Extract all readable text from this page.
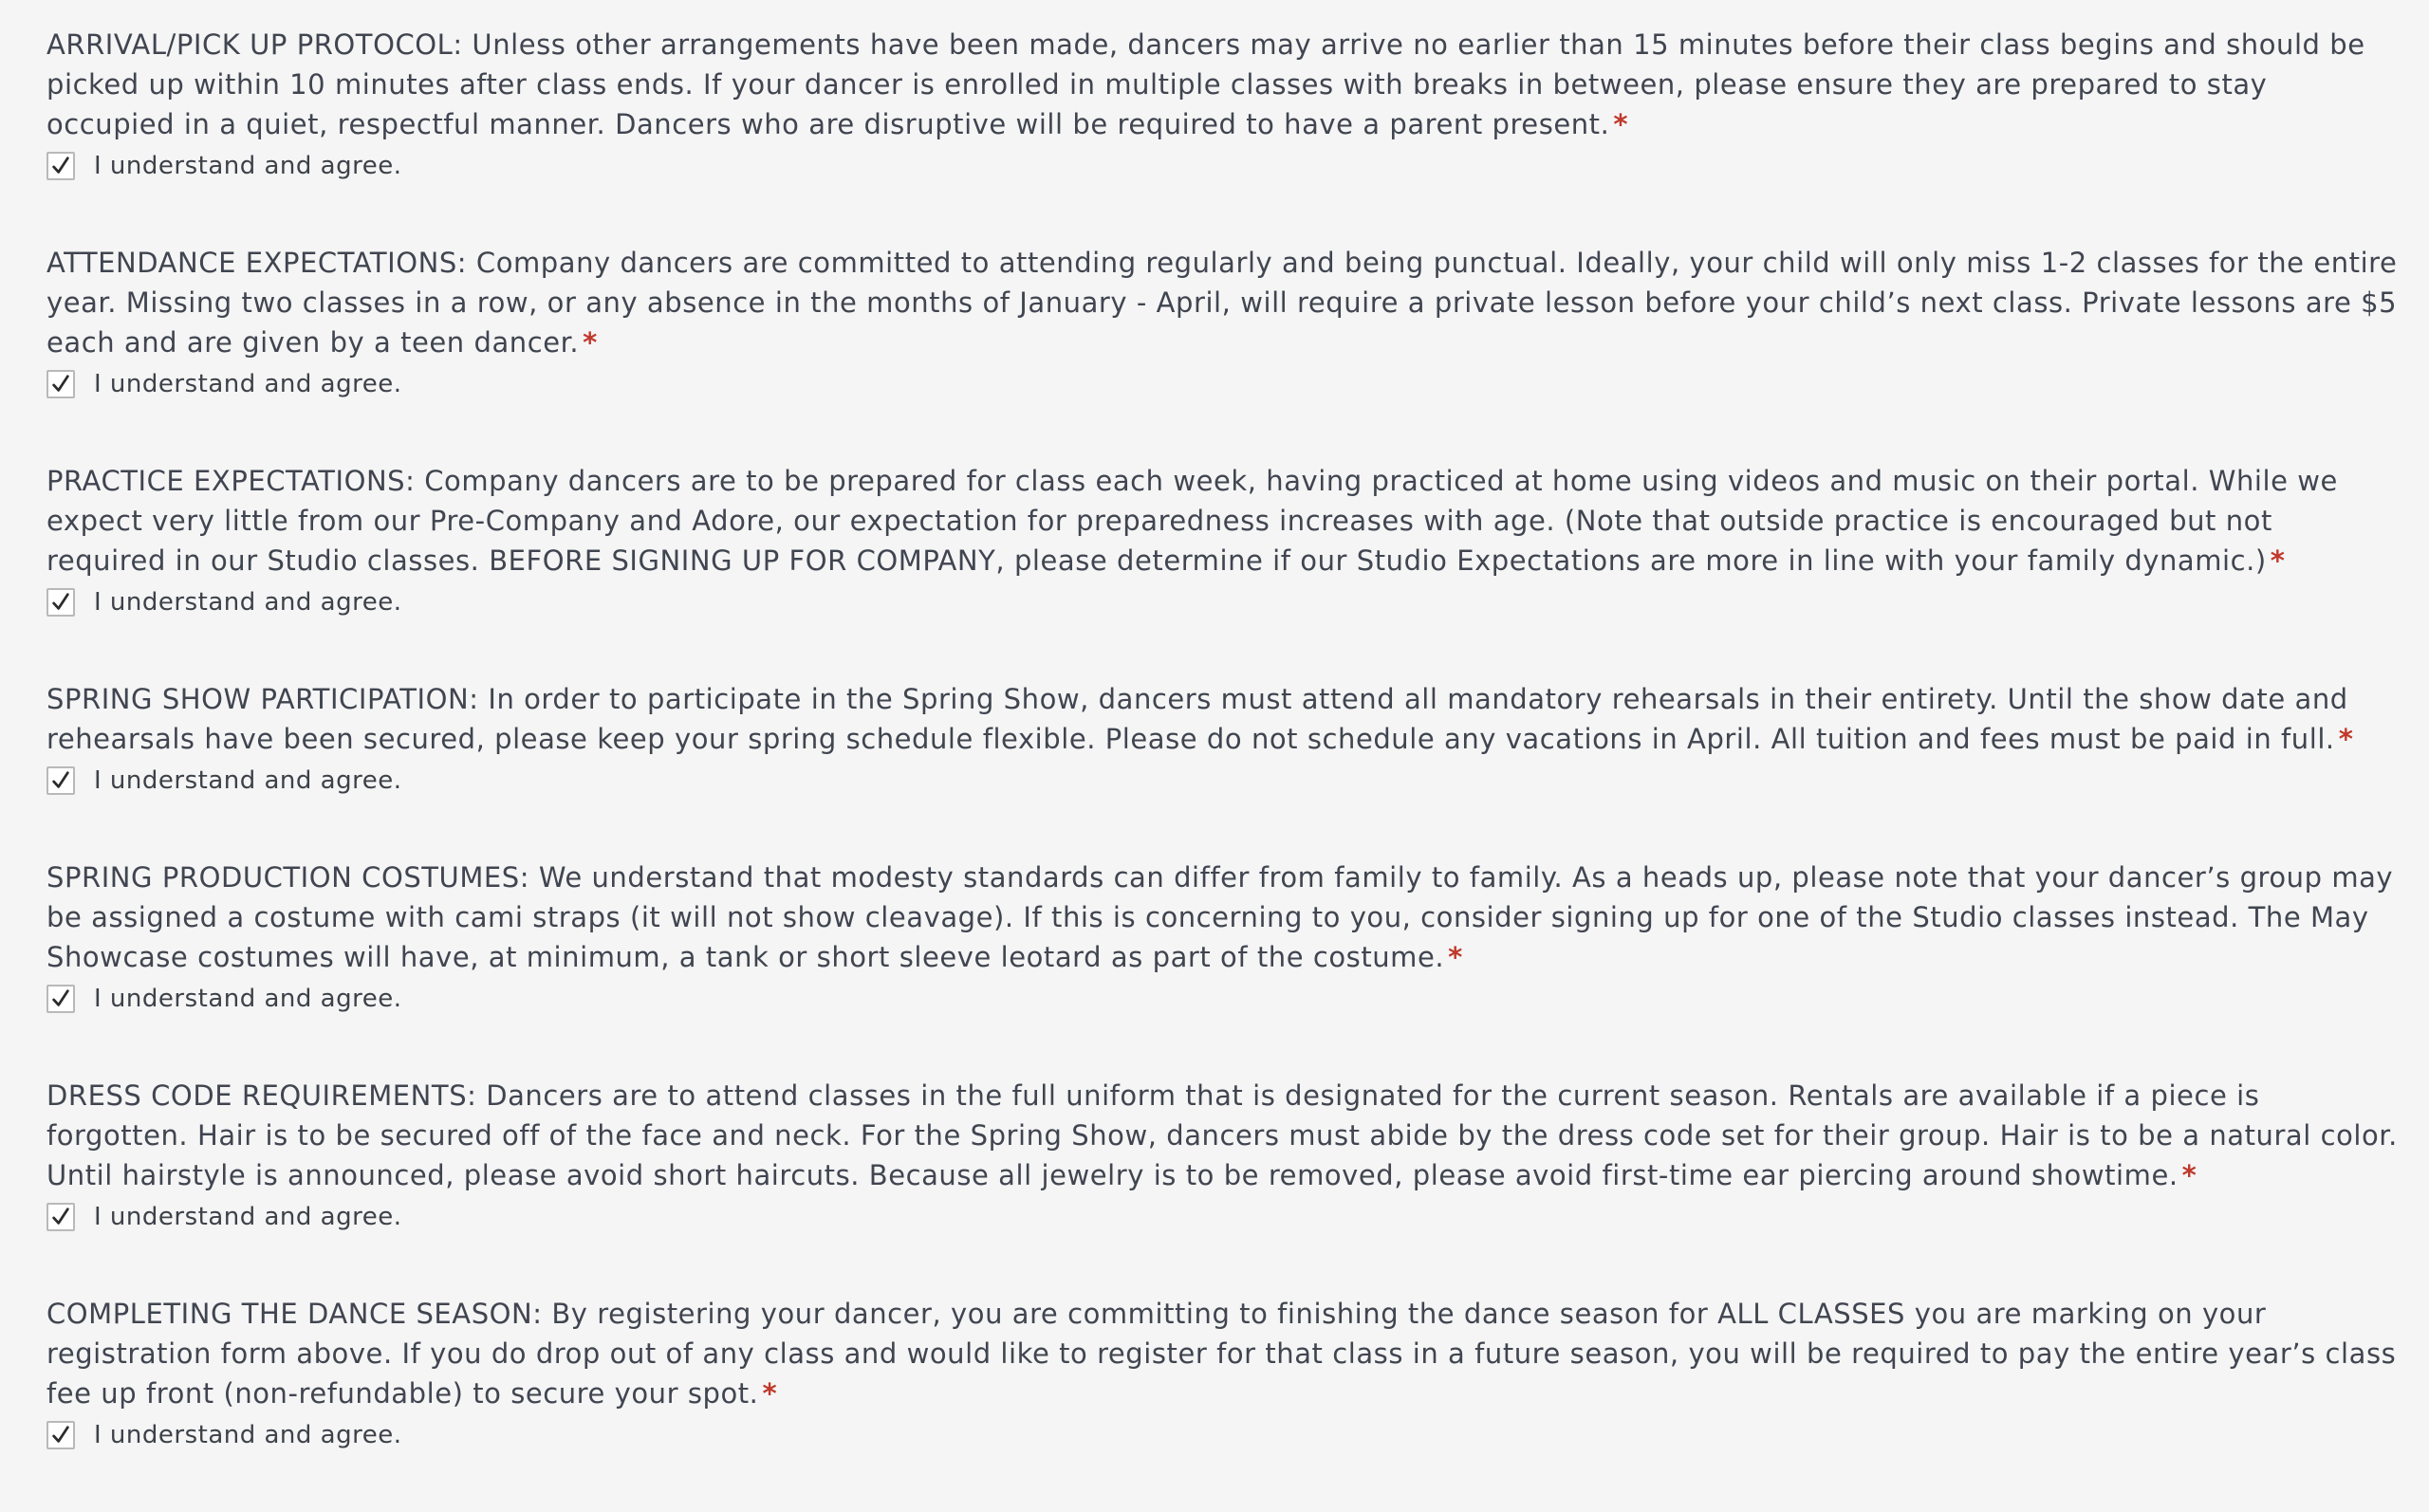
ARRIVAL/PICK UP PROTOCOL: Unless other arrangements have been made, dancers may arrive no earlier than 15 minutes before their class begins and should be picked up within 10 minutes after class ends. If your dancer is enrolled in multiple classes with breaks in between, please ensure they are prepared to stay occupied in a quiet, respectful manner. Dancers who are disruptive will be required to have a parent present. *

I understand and agree.

ATTENDANCE EXPECTATIONS: Company dancers are committed to attending regularly and being punctual. Ideally, your child will only miss 1-2 classes for the entire year. Missing two classes in a row, or any absence in the months of January - April, will require a private lesson before your child’s next class. Private lessons are $5 each and are given by a teen dancer. *

I understand and agree.

PRACTICE EXPECTATIONS: Company dancers are to be prepared for class each week, having practiced at home using videos and music on their portal. While we expect very little from our Pre-Company and Adore, our expectation for preparedness increases with age. (Note that outside practice is encouraged but not required in our Studio classes. BEFORE SIGNING UP FOR COMPANY, please determine if our Studio Expectations are more in line with your family dynamic.) *

I understand and agree.

SPRING SHOW PARTICIPATION: In order to participate in the Spring Show, dancers must attend all mandatory rehearsals in their entirety. Until the show date and rehearsals have been secured, please keep your spring schedule flexible. Please do not schedule any vacations in April. All tuition and fees must be paid in full. *

I understand and agree.

SPRING PRODUCTION COSTUMES: We understand that modesty standards can differ from family to family. As a heads up, please note that your dancer’s group may be assigned a costume with cami straps (it will not show cleavage). If this is concerning to you, consider signing up for one of the Studio classes instead. The May Showcase costumes will have, at minimum, a tank or short sleeve leotard as part of the costume. *

I understand and agree.

DRESS CODE REQUIREMENTS: Dancers are to attend classes in the full uniform that is designated for the current season. Rentals are available if a piece is forgotten. Hair is to be secured off of the face and neck. For the Spring Show, dancers must abide by the dress code set for their group. Hair is to be a natural color. Until hairstyle is announced, please avoid short haircuts. Because all jewelry is to be removed, please avoid first-time ear piercing around showtime. *

I understand and agree.

COMPLETING THE DANCE SEASON: By registering your dancer, you are committing to finishing the dance season for ALL CLASSES you are marking on your registration form above. If you do drop out of any class and would like to register for that class in a future season, you will be required to pay the entire year’s class fee up front (non-refundable) to secure your spot. *

I understand and agree.
